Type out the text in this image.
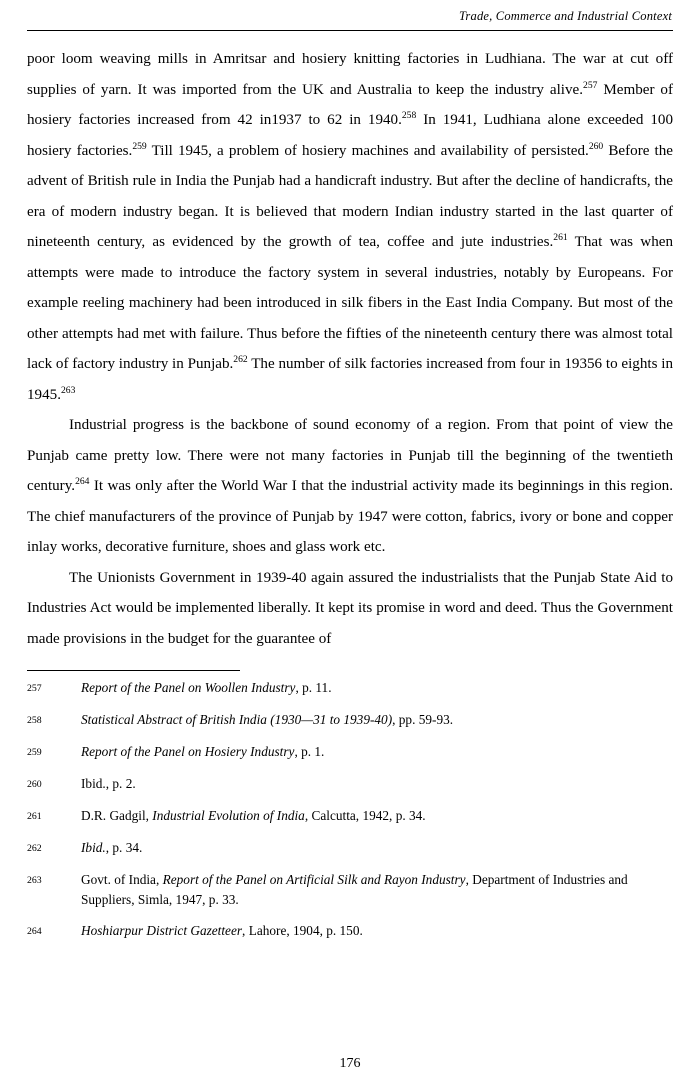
Trade, Commerce and Industrial Context

poor loom weaving mills in Amritsar and hosiery knitting factories in Ludhiana. The war at cut off supplies of yarn. It was imported from the UK and Australia to keep the industry alive.$^{257}$ Member of hosiery factories increased from 42 in1937 to 62 in 1940.$^{258}$ In 1941, Ludhiana alone exceeded 100 hosiery factories.$^{259}$ Till 1945, a problem of hosiery machines and availability of persisted.$^{260}$ Before the advent of British rule in India the Punjab had a handicraft industry. But after the decline of handicrafts, the era of modern industry began. It is believed that modern Indian industry started in the last quarter of nineteenth century, as evidenced by the growth of tea, coffee and jute industries.$^{261}$ That was when attempts were made to introduce the factory system in several industries, notably by Europeans. For example reeling machinery had been introduced in silk fibers in the East India Company. But most of the other attempts had met with failure. Thus before the fifties of the nineteenth century there was almost total lack of factory industry in Punjab.$^{262}$ The number of silk factories increased from four in 19356 to eights in 1945.$^{263}$

Industrial progress is the backbone of sound economy of a region. From that point of view the Punjab came pretty low. There were not many factories in Punjab till the beginning of the twentieth century.$^{264}$ It was only after the World War I that the industrial activity made its beginnings in this region. The chief manufacturers of the province of Punjab by 1947 were cotton, fabrics, ivory or bone and copper inlay works, decorative furniture, shoes and glass work etc.

The Unionists Government in 1939-40 again assured the industrialists that the Punjab State Aid to Industries Act would be implemented liberally. It kept its promise in word and deed. Thus the Government made provisions in the budget for the guarantee of

257	Report of the Panel on Woollen Industry, p. 11.
258	Statistical Abstract of British India (1930—31 to 1939-40), pp. 59-93.
259	Report of the Panel on Hosiery Industry, p. 1.
260	Ibid., p. 2.
261	D.R. Gadgil, Industrial Evolution of India, Calcutta, 1942, p. 34.
262	Ibid., p. 34.
263	Govt. of India, Report of the Panel on Artificial Silk and Rayon Industry, Department of Industries and Suppliers, Simla, 1947, p. 33.
264	Hoshiarpur District Gazetteer, Lahore, 1904, p. 150.
176
